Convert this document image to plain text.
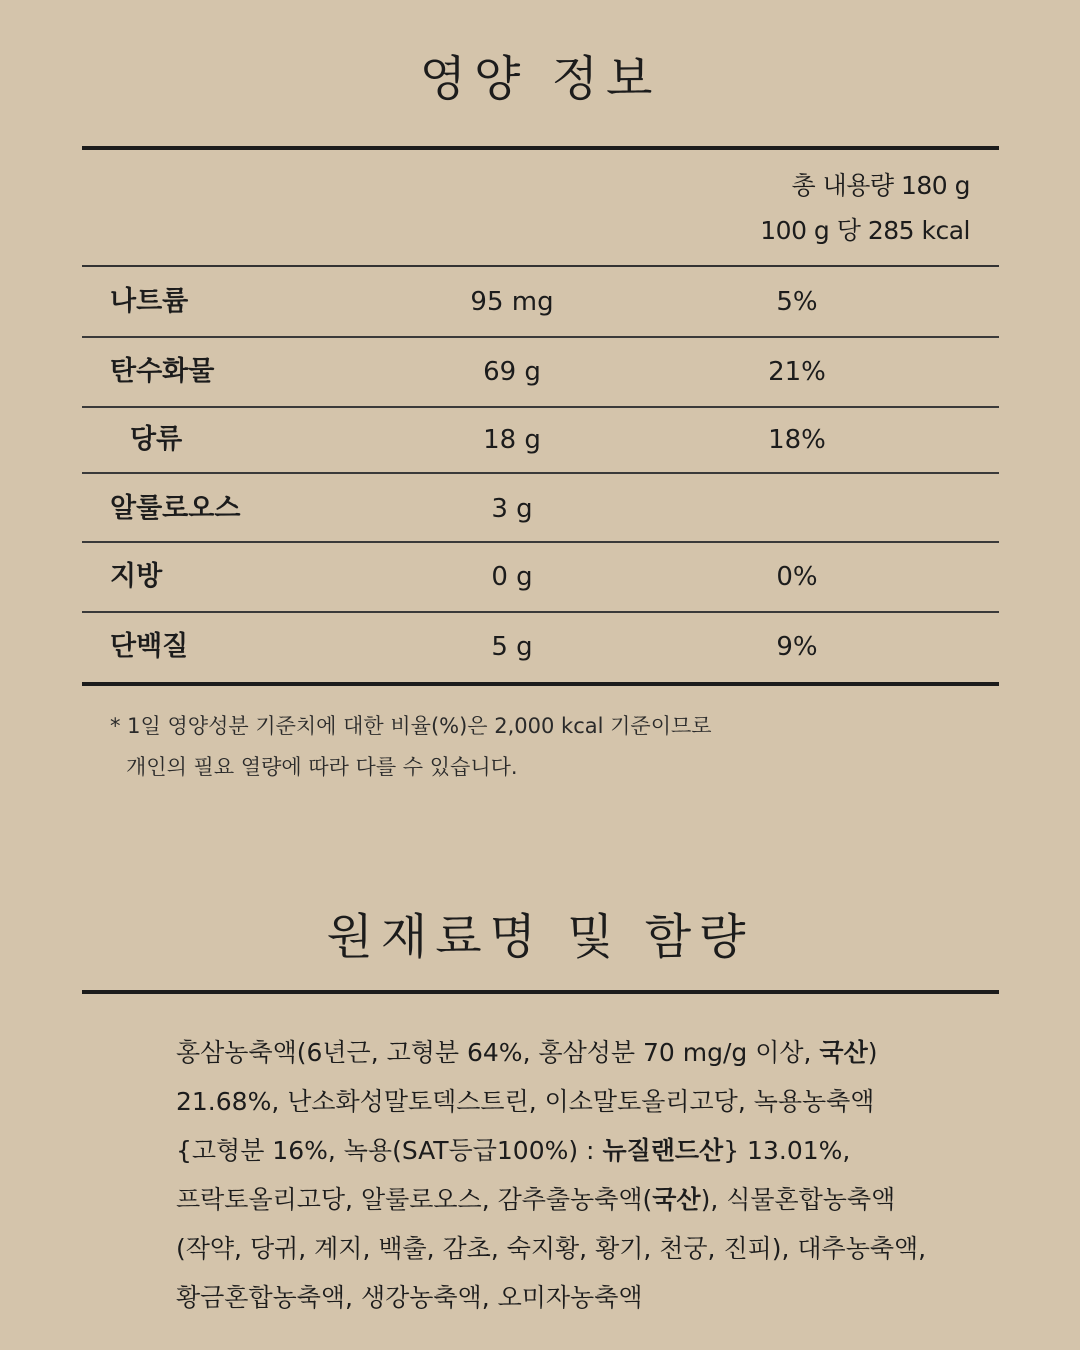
영양 정보
총 내용량 180 g
100 g 당 285 kcal
나트륨	95 mg	5%
탄수화물	69 g	21%
당류	18 g	18%
알룰로오스	3 g
지방	0 g	0%
단백질	5 g	9%
* 1일 영양성분 기준치에 대한 비율(%)은 2,000 kcal 기준이므로
개인의 필요 열량에 따라 다를 수 있습니다.
원재료명 및 함량
홍삼농축액(6년근, 고형분 64%, 홍삼성분 70 mg/g 이상, 국산)
21.68%, 난소화성말토덱스트린, 이소말토올리고당, 녹용농축액
{고형분 16%, 녹용(SAT등급100%) : 뉴질랜드산} 13.01%,
프락토올리고당, 알룰로오스, 감추출농축액(국산), 식물혼합농축액
(작약, 당귀, 계지, 백출, 감초, 숙지황, 황기, 천궁, 진피), 대추농축액,
황금혼합농축액, 생강농축액, 오미자농축액
